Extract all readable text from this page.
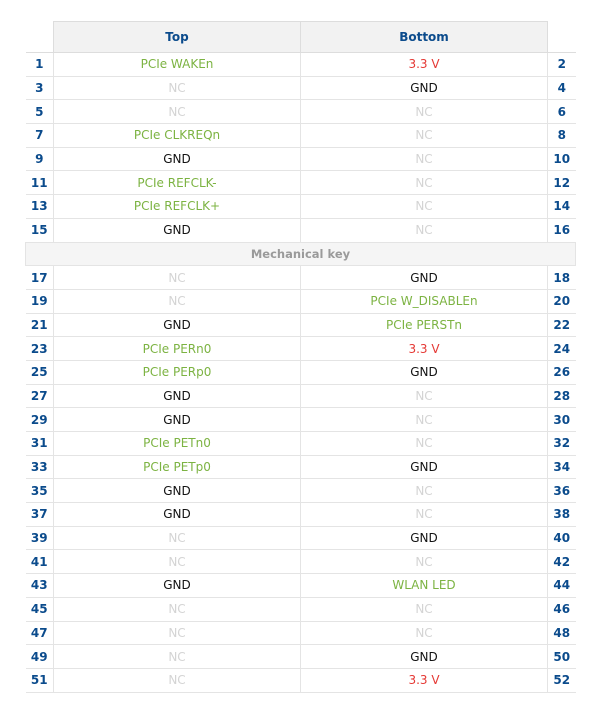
	Top	Bottom	
1	PCIe WAKEn	3.3 V	2
3	NC	GND	4
5	NC	NC	6
7	PCIe CLKREQn	NC	8
9	GND	NC	10
11	PCIe REFCLK-	NC	12
13	PCIe REFCLK+	NC	14
15	GND	NC	16
Mechanical key			
17	NC	GND	18
19	NC	PCIe W_DISABLEn	20
21	GND	PCIe PERSTn	22
23	PCIe PERn0	3.3 V	24
25	PCIe PERp0	GND	26
27	GND	NC	28
29	GND	NC	30
31	PCIe PETn0	NC	32
33	PCIe PETp0	GND	34
35	GND	NC	36
37	GND	NC	38
39	NC	GND	40
41	NC	NC	42
43	GND	WLAN LED	44
45	NC	NC	46
47	NC	NC	48
49	NC	GND	50
51	NC	3.3 V	52
